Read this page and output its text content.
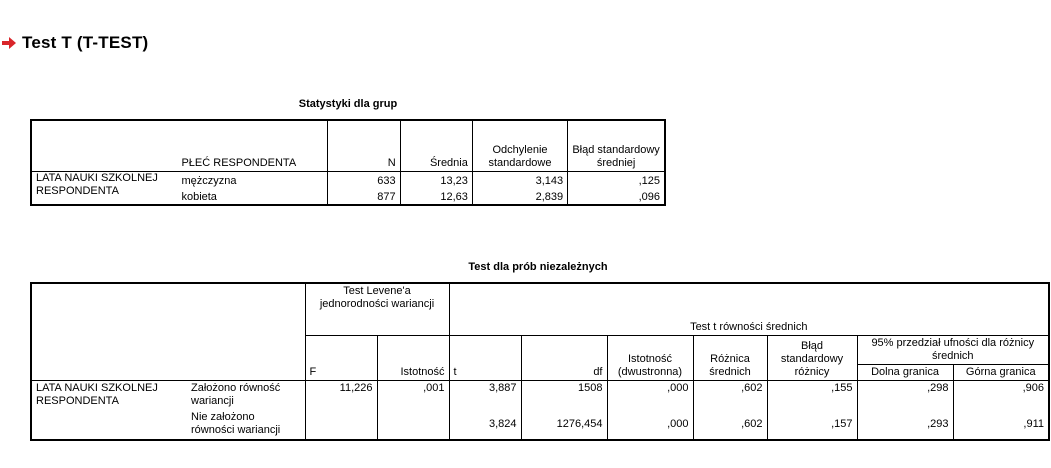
Test T (T-TEST)
Statystyki dla grup
	PŁEĆ RESPONDENTA	N	Średnia	Odchylenie standardowe	Błąd standardowy średniej
LATA NAUKI SZKOLNEJ RESPONDENTA	mężczyzna	633	13,23	3,143	,125
	kobieta	877	12,63	2,839	,096
Test dla prób niezależnych
		Test Levene'a jednorodności wariancji		Test t równości średnich						
		F	Istotność	t	df	Istotność (dwustronna)	Różnica średnich	Błąd standardowy różnicy	95% przedział ufności dla różnicy średnich	
									Dolna granica	Górna granica
LATA NAUKI SZKOLNEJ RESPONDENTA	Założono równość wariancji	11,226	,001	3,887	1508	,000	,602	,155	,298	,906
	Nie założono równości wariancji			3,824	1276,454	,000	,602	,157	,293	,911
